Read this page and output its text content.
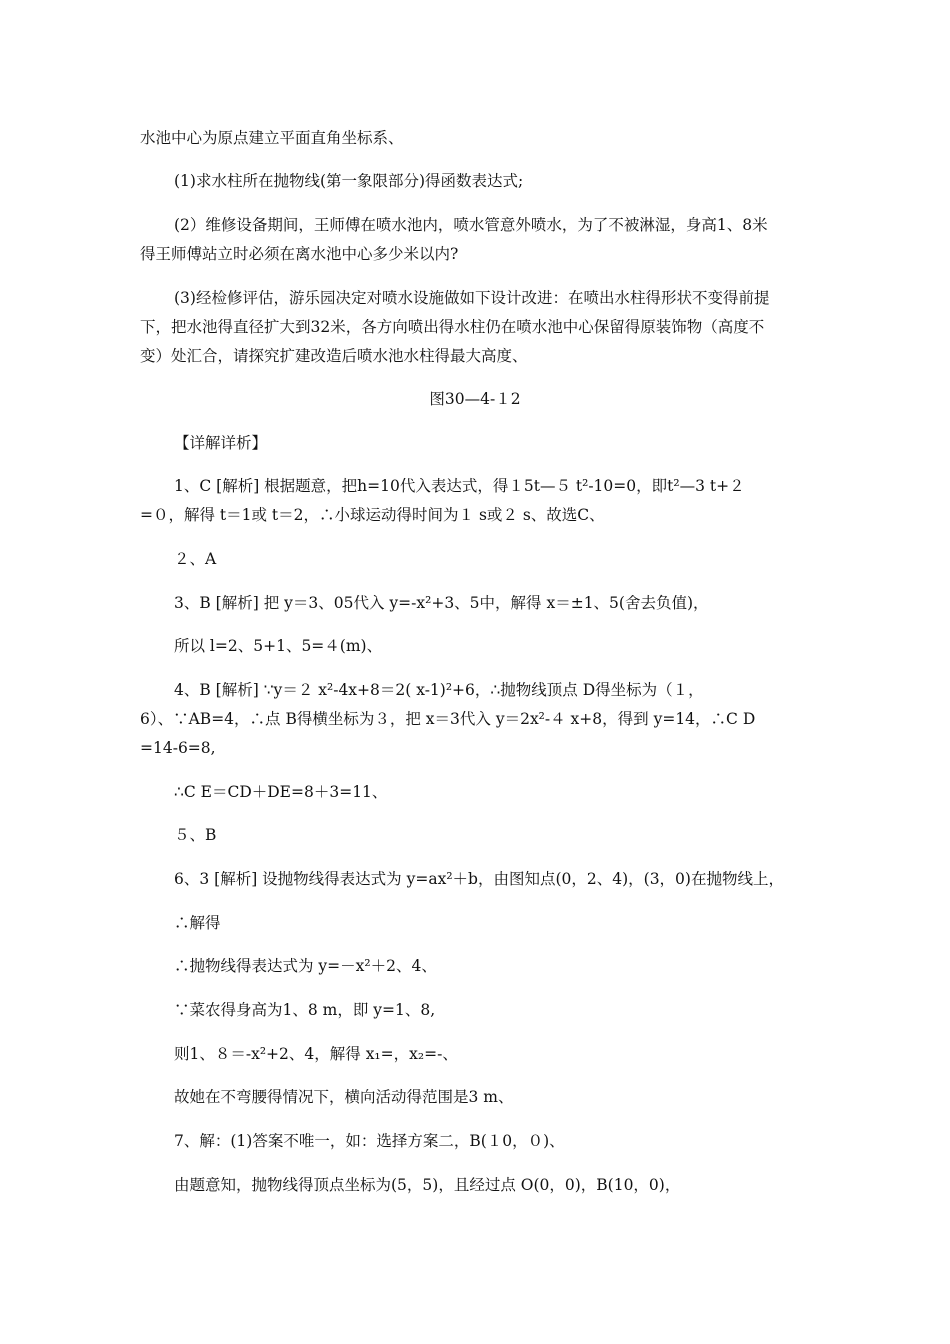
水池中心为原点建立平面直角坐标系、
(1)求水柱所在抛物线(第一象限部分)得函数表达式;
(2）维修设备期间，王师傅在喷水池内，喷水管意外喷水，为了不被淋湿，身高1、8米
得王师傅站立时必须在离水池中心多少米以内?
(3)经检修评估，游乐园决定对喷水设施做如下设计改进：在喷出水柱得形状不变得前提
下，把水池得直径扩大到32米，各方向喷出得水柱仍在喷水池中心保留得原装饰物（高度不
变）处汇合，请探究扩建改造后喷水池水柱得最大高度、
图30—4-１2
【详解详析】
1、C [解析] 根据题意，把h=10代入表达式，得１5t—５ t²-10=0，即t²—3 t+２
=０，解得 t＝1或 t＝2，∴小球运动得时间为１ s或２ s、故选C、
２、A
3、B [解析] 把 y＝3、05代入 y=-x²+3、5中，解得 x＝±1、5(舍去负值)，
所以 l=2、5+1、5=４(m)、
4、B [解析] ∵y＝２ x²-4x+8＝2( x-1)²+6，∴抛物线顶点 D得坐标为（１，
6）、∵AB=4，∴点 B得横坐标为３，把 x＝3代入 y＝2x²-４ x+8，得到 y=14，∴C D
=14-6=8,
∴C E＝CD＋DE=8＋3=11、
５、B
6、3 [解析] 设抛物线得表达式为 y=ax²＋b，由图知点(0，2、4)，(3，0)在抛物线上，
∴解得
∴抛物线得表达式为 y=－x²＋2、4、
∵菜农得身高为1、8 m，即 y=1、8,
则1、８＝-x²+2、4，解得 x₁=，x₂=-、
故她在不弯腰得情况下，横向活动得范围是3 m、
7、解：(1)答案不唯一，如：选择方案二，B(１0，０)、
由题意知，抛物线得顶点坐标为(5，5)，且经过点 O(0，0)，B(10，0)，
